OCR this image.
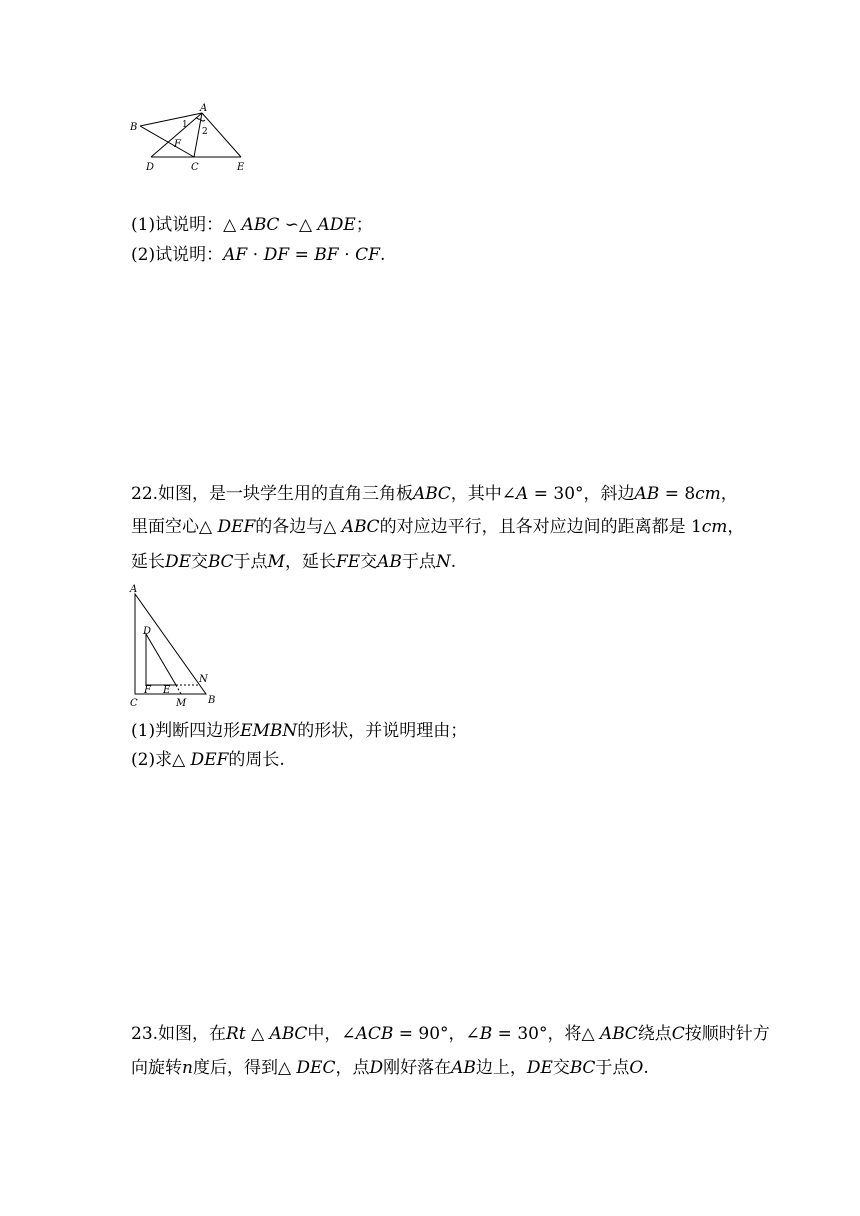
A
B
C
D	E
F
1
2
(1)试说明：△ 𝐴𝐵𝐶 ∽△ 𝐴𝐷𝐸；
(2)试说明：𝐴𝐹 ⋅ 𝐷𝐹 = 𝐵𝐹 ⋅ 𝐶𝐹.
22.如图，是一块学生用的直角三角板𝐴𝐵𝐶，其中∠𝐴 = 30°，斜边𝐴𝐵 = 8𝑐𝑚，
里面空心△ 𝐷𝐸𝐹的各边与△ 𝐴𝐵𝐶的对应边平行，且各对应边间的距离都是 1𝑐𝑚，
延长𝐷𝐸交𝐵𝐶于点𝑀，延长𝐹𝐸交𝐴𝐵于点𝑁.
A
B
C
D
E
F
M
N
(1)判断四边形𝐸𝑀𝐵𝑁的形状，并说明理由；
(2)求△ 𝐷𝐸𝐹的周长.
23.如图，在𝑅𝑡 △ 𝐴𝐵𝐶中，∠𝐴𝐶𝐵 = 90°，∠𝐵 = 30°，将△ 𝐴𝐵𝐶绕点𝐶按顺时针方
向旋转𝑛度后，得到△ 𝐷𝐸𝐶，点𝐷刚好落在𝐴𝐵边上，𝐷𝐸交𝐵𝐶于点𝑂.
